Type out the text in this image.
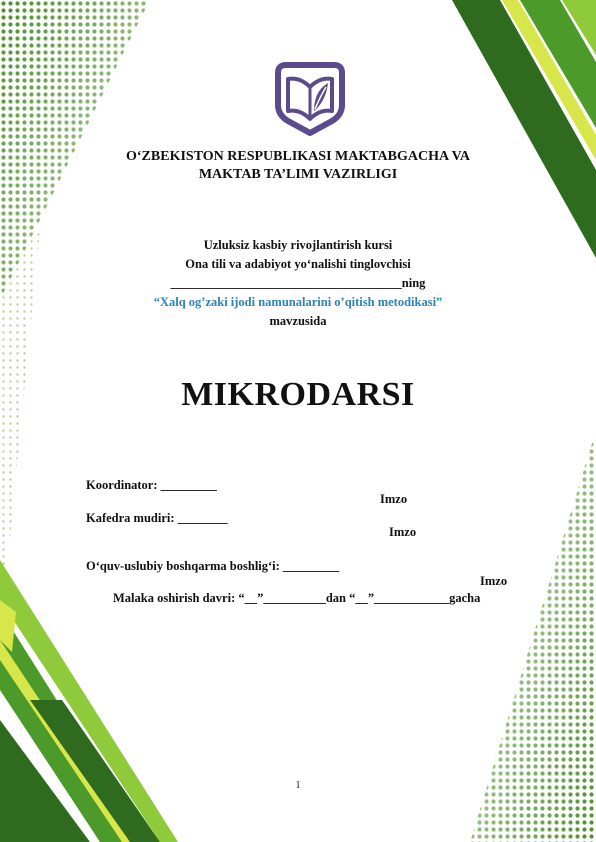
O‘ZBEKISTON RESPUBLIKASI MAKTABGACHA VA
MAKTAB TA’LIMI VAZIRLIGI
Uzluksiz kasbiy rivojlantirish kursi
Ona tili va adabiyot yo‘nalishi tinglovchisi
_____________________________________ning
“Xalq og’zaki ijodi namunalarini o’qitish metodikasi”
mavzusida
MIKRODARSI
Koordinator: _________
Imzo
Kafedra mudiri: ________
Imzo
O‘quv-uslubiy boshqarma boshlig‘i: _________
Imzo
Malaka oshirish davri: “__”__________dan “__”____________gacha
1
